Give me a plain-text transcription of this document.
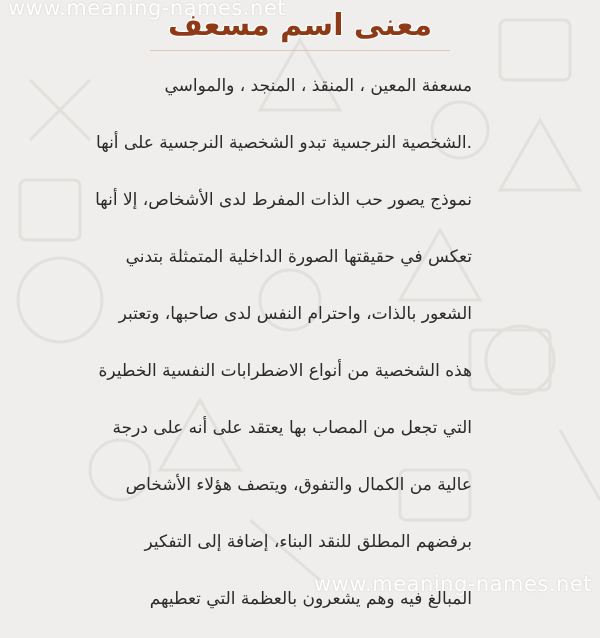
www.meaning-names.net
www.meaning-names.net
معنى اسم مسعف
مسعفة المعين ، المنقذ ، المنجد ، والمواسي
.الشخصية النرجسية تبدو الشخصية النرجسية على أنها
نموذج يصور حب الذات المفرط لدى الأشخاص، إلا أنها
تعكس في حقيقتها الصورة الداخلية المتمثلة بتدني
الشعور بالذات، واحترام النفس لدى صاحبها، وتعتبر
هذه الشخصية من أنواع الاضطرابات النفسية الخطيرة
التي تجعل من المصاب بها يعتقد على أنه على درجة
عالية من الكمال والتفوق، ويتصف هؤلاء الأشخاص
برفضهم المطلق للنقد البناء، إضافة إلى التفكير
المبالغ فيه وهم يشعرون بالعظمة التي تعطيهم
